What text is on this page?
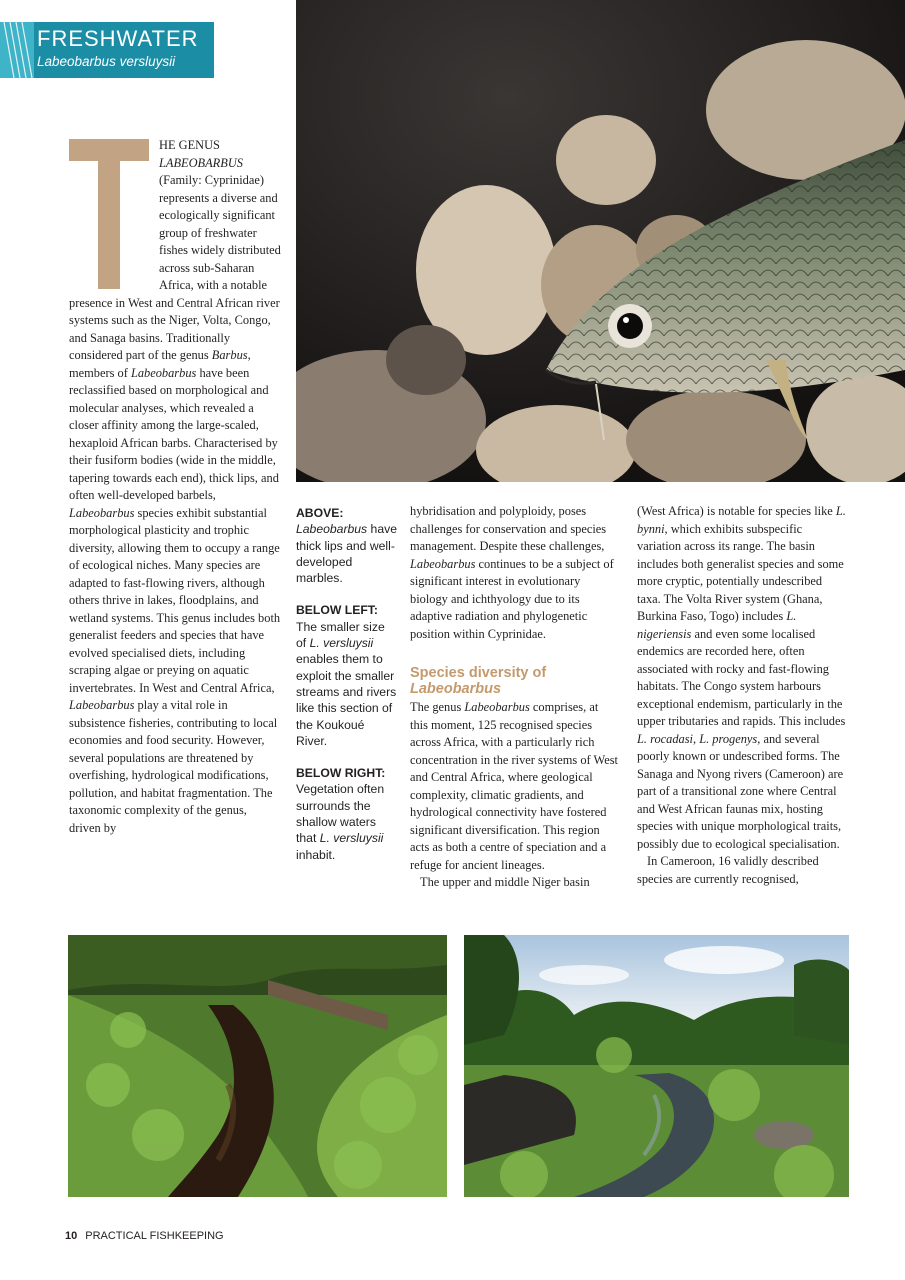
FRESHWATER
Labeobarbus versluysii

HE GENUS
LABEOBARBUS (Family: Cyprinidae) represents a diverse and ecologically significant group of freshwater fishes widely distributed across sub-Saharan Africa, with a notable presence in West and Central African river systems such as the Niger, Volta, Congo, and Sanaga basins. Traditionally considered part of the genus Barbus, members of Labeobarbus have been reclassified based on morphological and molecular analyses, which revealed a closer affinity among the large-scaled, hexaploid African barbs. Characterised by their fusiform bodies (wide in the middle, tapering towards each end), thick lips, and often well-developed barbels, Labeobarbus species exhibit substantial morphological plasticity and trophic diversity, allowing them to occupy a range of ecological niches. Many species are adapted to fast-flowing rivers, although others thrive in lakes, floodplains, and wetland systems. This genus includes both generalist feeders and species that have evolved specialised diets, including scraping algae or preying on aquatic invertebrates. In West and Central Africa, Labeobarbus play a vital role in subsistence fisheries, contributing to local economies and food security. However, several populations are threatened by overfishing, hydrological modifications, pollution, and habitat fragmentation. The taxonomic complexity of the genus, driven by

ABOVE:
Labeobarbus have thick lips and well-developed marbles.

BELOW LEFT:
The smaller size of L. versluysii enables them to exploit the smaller streams and rivers like this section of the Koukoué River.

BELOW RIGHT:
Vegetation often surrounds the shallow waters that L. versluysii inhabit.

hybridisation and polyploidy, poses challenges for conservation and species management. Despite these challenges, Labeobarbus continues to be a subject of significant interest in evolutionary biology and ichthyology due to its adaptive radiation and phylogenetic position within Cyprinidae.

Species diversity of
Labeobarbus

The genus Labeobarbus comprises, at this moment, 125 recognised species across Africa, with a particularly rich concentration in the river systems of West and Central Africa, where geological complexity, climatic gradients, and hydrological connectivity have fostered significant diversification. This region acts as both a centre of speciation and a refuge for ancient lineages.

The upper and middle Niger basin

(West Africa) is notable for species like L. bynni, which exhibits subspecific variation across its range. The basin includes both generalist species and some more cryptic, potentially undescribed taxa. The Volta River system (Ghana, Burkina Faso, Togo) includes L. nigeriensis and even some localised endemics are recorded here, often associated with rocky and fast-flowing habitats. The Congo system harbours exceptional endemism, particularly in the upper tributaries and rapids. This includes L. rocadasi, L. progenys, and several poorly known or undescribed forms. The Sanaga and Nyong rivers (Cameroon) are part of a transitional zone where Central and West African faunas mix, hosting species with unique morphological traits, possibly due to ecological specialisation.

In Cameroon, 16 validly described species are currently recognised,

10 PRACTICAL FISHKEEPING
